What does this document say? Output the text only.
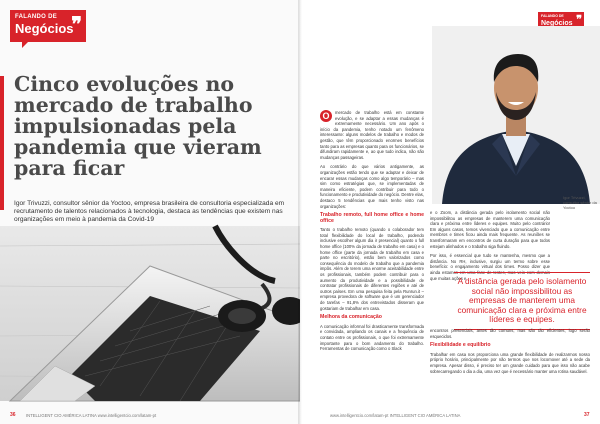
FALANDO DE
Negócios
❞
Cinco evoluções no mercado de trabalho impulsionadas pela pandemia que vieram para ficar

Igor Trivuzzi, consultor sênior da Yoctoo, empresa brasileira de consultoria especializada em recrutamento de talentos relacionados à tecnologia, destaca as tendências que existem nas organizações em meio à pandemia da Covid-19

36 INTELLIGENT CIO AMÉRICA LATINA www.intelligentcio.com/latam-pt
FALANDO DE
Negócios ❞
Igor Trivuzzi, consultor sênior da Yoctoo

O	mercado de trabalho está em constante evolução, e se adaptar a essas mudanças é extremamente necessário. Um ano após o início da pandemia, tenho notado um fenômeno interessante: alguns modelos de trabalho e modos de gestão, que têm proporcionado enormes benefícios tanto para as empresas quanto para os funcionários, se difundiram rapidamente e, ao que tudo indica, não são mudanças passageiras.

Ao contrário do que vários antigamente, as organizações estão tendo que se adaptar e deixar de encarar essas mudanças como algo temporário – mas sim como estratégias que, se implementadas de maneira eficiente, podem contribuir para todo o funcionamento e produtividade do negócio. Dentre elas, destaco 5 tendências que mais tenho visto nas organizações:

Trabalho remoto, full home office e home office

Tanto o trabalho remoto (quando o colaborador tem total flexibilidade do local de trabalho, podendo inclusive escolher algum dia ir presencial) quanto o full home office (100% da jornada de trabalho em casa) e o home office (parte da jornada de trabalho em casa e parte no escritório), estão bem valorizados como consequência do modelo de trabalho que a pandemia impôs. Além de terem uma enorme aceitabilidade entre os profissionais, também podem contribuir para o aumento da produtividade e a possibilidade de contratar profissionais de diferentes regiões e até de outros países. Em uma pesquisa feita pela Runrun.it – empresa provedora de software que é um gerenciador de tarefas – 91,8% dos entrevistados disseram que gostariam de trabalhar em casa.

Melhora da comunicação

A comunicação informal foi drasticamente transformada e convidada, ampliando os canais e a frequência de contato entre os profissionais, o que foi extremamente importante para o bom andamento do trabalho. Ferramentas de comunicação como o Slack

e o Zoom, a distância gerada pelo isolamento social não impossibilitou as empresas de manterem uma comunicação clara e próxima entre líderes e equipes. Muito pelo contrário! Em alguns casos, temos vivenciado que a comunicação entre membros e times ficou ainda mais frequente. As reuniões se transformaram em encontros de curta duração para que todos estejam alinhados e o trabalho siga fluindo.

Por isso, é essencial que tudo se mantenha, mesmo que a distância. No RH, inclusive, surgiu um termo sobre esse benefício: o engajamento virtual dos times. Posso dizer que ainda estamos em uma fase de testes, mas veio com demais que muitas ações e

A distância gerada pelo isolamento social não impossibilitou as empresas de manterem uma comunicação clara e próxima entre líderes e equipes.

encontros presenciais, antes tão comuns, mas são tão eficientes, logo serão esquecidos.

Flexibilidade e equilíbrio

Trabalhar em casa nos proporciona uma grande flexibilidade de realizarmos nosso próprio horário, principalmente por não termos que nos locomover até a sede da empresa. Apesar disso, é preciso ter um grande cuidado para que isso não acabe sobrecarregando o dia a dia, uma vez que é necessário manter uma rotina saudável.

www.intelligentcio.com/latam-pt INTELLIGENT CIO AMÉRICA LATINA	37
